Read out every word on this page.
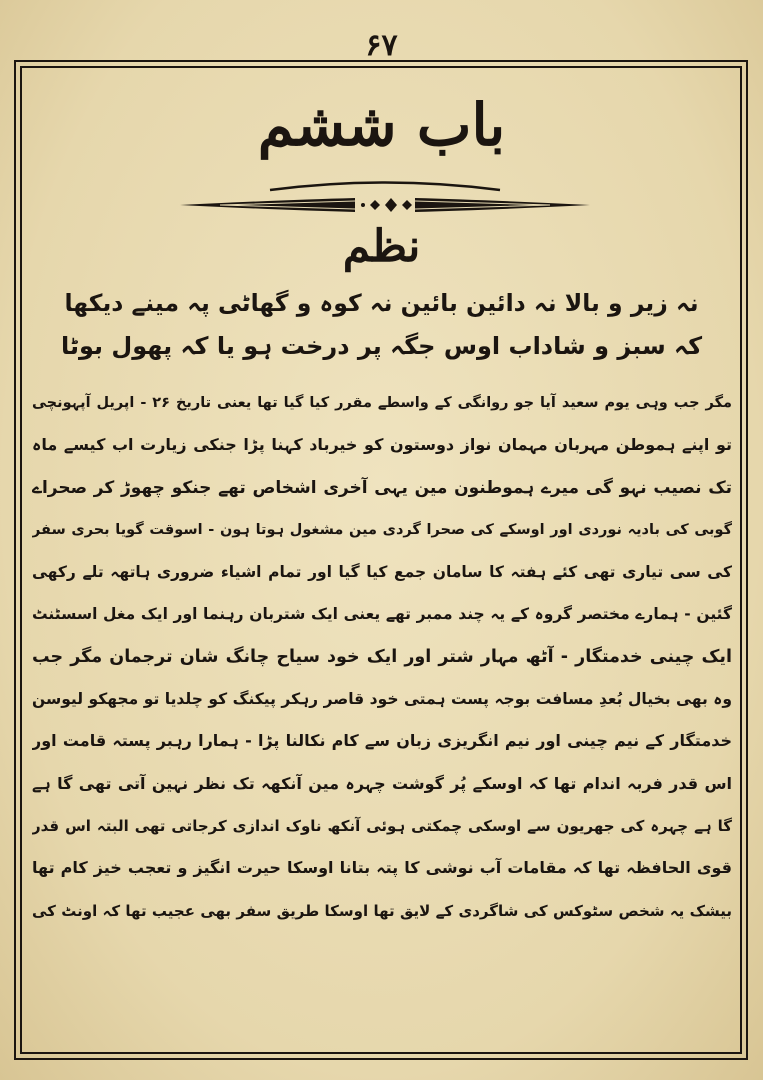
۶۷
باب ششم
نظم
نہ زیر و بالا نہ دائین بائین نہ کوہ و گھاٹی پہ مینے دیکھا
کہ سبز و شاداب اوس جگہ پر درخت ہو یا کہ پھول بوٹا
مگر جب وہی یوم سعید آیا جو روانگی کے واسطے مقرر کیا گیا تھا یعنی تاریخ ۲۶ - اپریل آپہونچی
تو اپنے ہموطن مہربان مہمان نواز دوستون کو خیرباد کہنا پڑا جنکی زیارت اب کیسے ماہ
تک نصیب نہو گی میرے ہموطنون مین یہی آخری اشخاص تھے جنکو چھوڑ کر صحراے
گوبی کی بادیہ نوردی اور اوسکے کی صحرا گردی مین مشغول ہوتا ہون - اسوقت گویا بحری سفر
کی سی تیاری تھی کئے ہفتہ کا سامان جمع کیا گیا اور تمام اشیاء ضروری ہاتھہ تلے رکھی
گئین - ہمارے مختصر گروہ کے یہ چند ممبر تھے یعنی ایک شتربان رہنما اور ایک مغل اسسٹنٹ
ایک چینی خدمتگار - آٹھ مہار شتر اور ایک خود سیاح چانگ شان ترجمان مگر جب
وہ بھی بخیال بُعدِ مسافت بوجہ پست ہمتی خود قاصر رہکر پیکنگ کو چلدیا تو مجھکو لیوسن
خدمتگار کے نیم چینی اور نیم انگریزی زبان سے کام نکالنا پڑا - ہمارا رہبر پستہ قامت اور
اس قدر فربہ اندام تھا کہ اوسکے پُر گوشت چہرہ مین آنکھہ تک نظر نہین آتی تھی گا ہے
گا ہے چہرہ کی جھریون سے اوسکی چمکتی ہوئی آنکھ ناوک اندازی کرجاتی تھی البتہ اس قدر
قوی الحافظہ تھا کہ مقامات آب نوشی کا پتہ بتانا اوسکا حیرت انگیز و تعجب خیز کام تھا
بیشک یہ شخص سٹوکس کی شاگردی کے لایق تھا اوسکا طریق سفر بھی عجیب تھا کہ اونٹ کی
